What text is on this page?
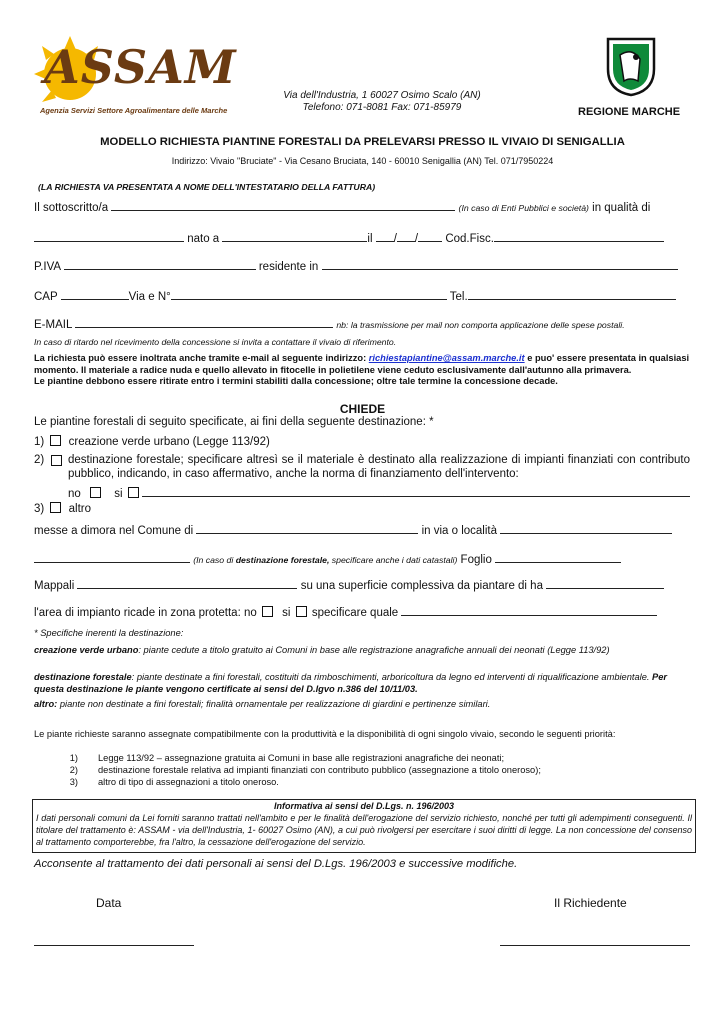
ASSAM
Agenzia Servizi Settore Agroalimentare delle Marche
Via dell'Industria, 1 60027 Osimo Scalo (AN)
Telefono: 071-8081 Fax: 071-85979	REGIONE MARCHE
MODELLO RICHIESTA PIANTINE FORESTALI DA PRELEVARSI PRESSO IL VIVAIO DI SENIGALLIA
Indirizzo: Vivaio "Bruciate" - Via Cesano Bruciata, 140 - 60010 Senigallia (AN) Tel. 071/7950224
(LA RICHIESTA VA PRESENTATA A NOME DELL'INTESTATARIO DELLA FATTURA)
Il sottoscritto/a	(In caso di Enti Pubblici e società) in qualità di
nato a	il / / Cod.Fisc.
P.IVA	residente in
CAP	Via e N°	Tel.
E-MAIL	nb: la trasmissione per mail non comporta applicazione delle spese postali.
In caso di ritardo nel ricevimento della concessione si invita a contattare il vivaio di riferimento.
La richiesta può essere inoltrata anche tramite e-mail al seguente indirizzo: richiestapiantine@assam.marche.it e puo' essere presentata in qualsiasi momento. Il materiale a radice nuda e quello allevato in fitocelle in polietilene viene ceduto esclusivamente dall'autunno alla primavera.
Le piantine debbono essere ritirate entro i termini stabiliti dalla concessione; oltre tale termine la concessione decade.
CHIEDE
Le piantine forestali di seguito specificate, ai fini della seguente destinazione: *
1) creazione verde urbano (Legge 113/92)
2) destinazione forestale; specificare altresì se il materiale è destinato alla realizzazione di impianti finanziati con contributo pubblico, indicando, in caso affermativo, anche la norma di finanziamento dell'intervento:
no	si
3) altro
messe a dimora nel Comune di	in via o località
(In caso di destinazione forestale, specificare anche i dati catastali) Foglio
Mappali	su una superficie complessiva da piantare di ha
l'area di impianto ricade in zona protetta: no si specificare quale
* Specifiche inerenti la destinazione:
creazione verde urbano: piante cedute a titolo gratuito ai Comuni in base alle registrazione anagrafiche annuali dei neonati (Legge 113/92)
destinazione forestale: piante destinate a fini forestali, costituiti da rimboschimenti, arboricoltura da legno ed interventi di riqualificazione ambientale. Per questa destinazione le piante vengono certificate ai sensi del D.lgvo n.386 del 10/11/03.
altro: piante non destinate a fini forestali; finalità ornamentale per realizzazione di giardini e pertinenze similari.
Le piante richieste saranno assegnate compatibilmente con la produttività e la disponibilità di ogni singolo vivaio, secondo le seguenti priorità:
1) Legge 113/92 – assegnazione gratuita ai Comuni in base alle registrazioni anagrafiche dei neonati;
2) destinazione forestale relativa ad impianti finanziati con contributo pubblico (assegnazione a titolo oneroso);
3) altro di tipo di assegnazioni a titolo oneroso.
Informativa ai sensi del D.Lgs. n. 196/2003
I dati personali comuni da Lei forniti saranno trattati nell'ambito e per le finalità dell'erogazione del servizio richiesto, nonché per tutti gli adempimenti conseguenti. Il titolare del trattamento è: ASSAM - via dell'Industria, 1- 60027 Osimo (AN), a cui può rivolgersi per esercitare i suoi diritti di legge. La non concessione del consenso al trattamento comporterebbe, fra l'altro, la cessazione dell'erogazione del servizio.
Acconsente al trattamento dei dati personali ai sensi del D.Lgs. 196/2003 e successive modifiche.
Data	Il Richiedente
